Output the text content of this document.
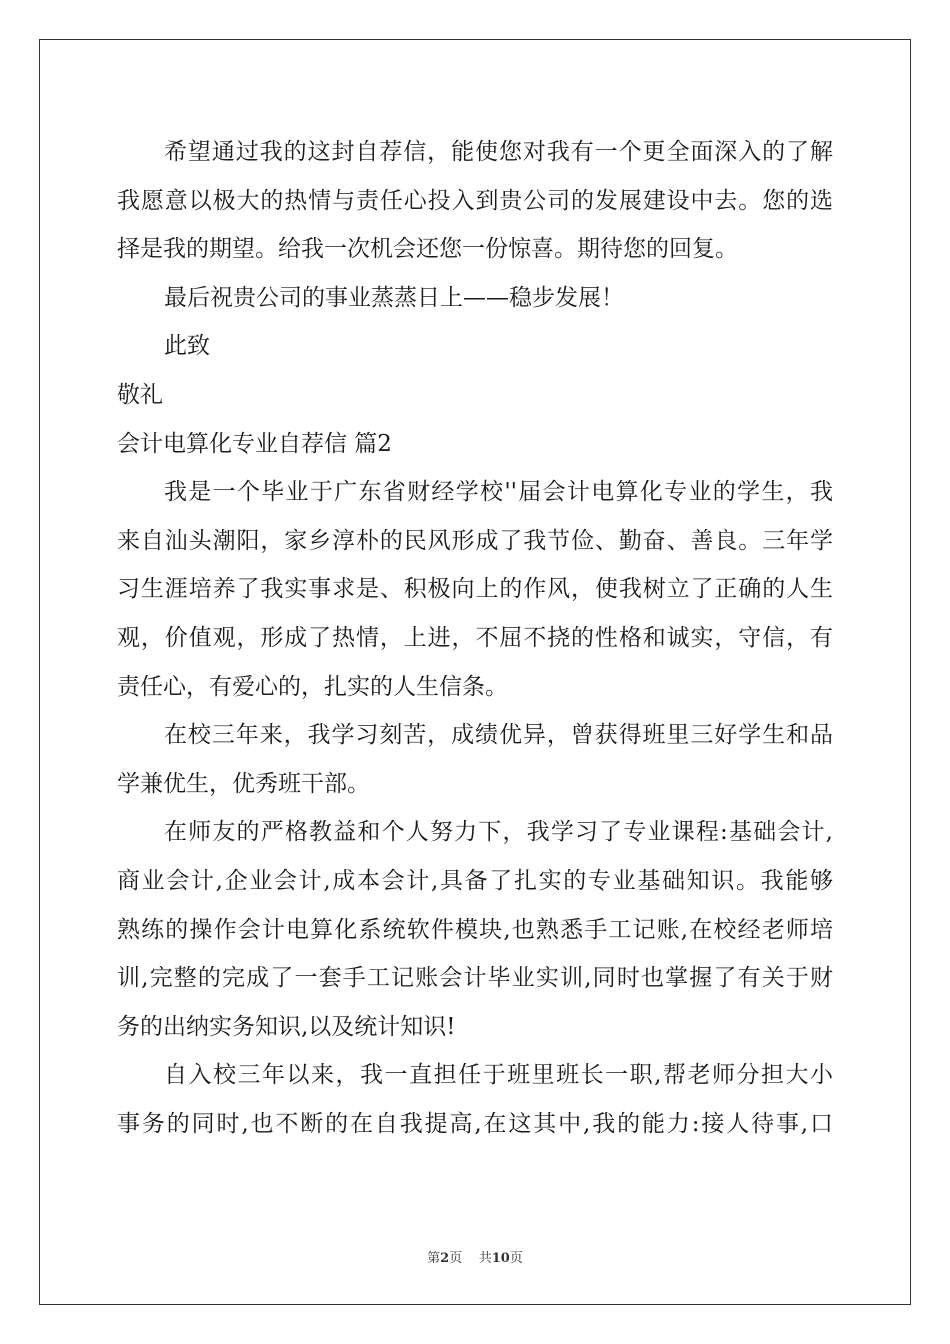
希望通过我的这封自荐信，能使您对我有一个更全面深入的了解
我愿意以极大的热情与责任心投入到贵公司的发展建设中去。您的选
择是我的期望。给我一次机会还您一份惊喜。期待您的回复。
最后祝贵公司的事业蒸蒸日上——稳步发展！
此致
敬礼
会计电算化专业自荐信 篇2
我是一个毕业于广东省财经学校''届会计电算化专业的学生，我
来自汕头潮阳，家乡淳朴的民风形成了我节俭、勤奋、善良。三年学
习生涯培养了我实事求是、积极向上的作风，使我树立了正确的人生
观，价值观，形成了热情，上进，不屈不挠的性格和诚实，守信，有
责任心，有爱心的，扎实的人生信条。
在校三年来，我学习刻苦，成绩优异，曾获得班里三好学生和品
学兼优生，优秀班干部。
在师友的严格教益和个人努力下，我学习了专业课程:基础会计,
商业会计,企业会计,成本会计,具备了扎实的专业基础知识。我能够
熟练的操作会计电算化系统软件模块,也熟悉手工记账,在校经老师培
训,完整的完成了一套手工记账会计毕业实训,同时也掌握了有关于财
务的出纳实务知识,以及统计知识!
自入校三年以来，我一直担任于班里班长一职,帮老师分担大小
事务的同时,也不断的在自我提高,在这其中,我的能力:接人待事,口
第2页 共10页
